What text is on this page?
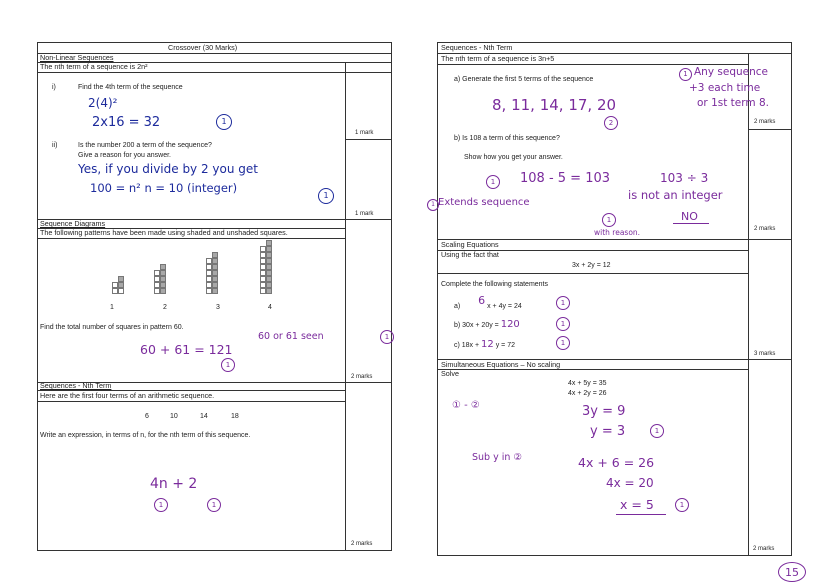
Crossover (30 Marks)
Non-Linear Sequences
The nth term of a sequence is 2n²
i)	Find the 4th term of the sequence
2(4)²
2x16 = 32	1
1 mark
ii)	Is the number 200 a term of the sequence?
Give a reason for you answer.
Yes, if you divide by 2 you get
100 = n² n = 10 (integer)
1
1 mark
Sequence Diagrams
The following patterns have been made using shaded and unshaded squares.
1	2	3	4
Find the total number of squares in pattern 60.
60 or 61 seen	1
60 + 61 = 121
1
2 marks
Sequences - Nth Term
Here are the first four terms of an arithmetic sequence.
6	10	14	18
Write an expression, in terms of n, for the nth term of this sequence.
4n + 2
1	1
2 marks
Sequences - Nth Term
The nth term of a sequence is 3n+5
a) Generate the first 5 terms of the sequence
8, 11, 14, 17, 20
2
1 Any sequence
+3 each time
or 1st term 8.
2 marks
b) Is 108 a term of this sequence?
Show how you get your answer.
1	108 - 5 = 103	103 ÷ 3
is not an integer
1 Extends sequence
1	NO
with reason.	2 marks
Scaling Equations
Using the fact that
3x + 2y = 12
Complete the following statements
a) 6 x + 4y = 24	1
b) 30x + 20y = 120	1
c) 18x + 12 y = 72	1
3 marks
Simultaneous Equations – No scaling
Solve
4x + 5y = 35
4x + 2y = 26
① - ②	3y = 9
y = 3	1
Sub y in ②	4x + 6 = 26
4x = 20
x = 5	1
2 marks
15
